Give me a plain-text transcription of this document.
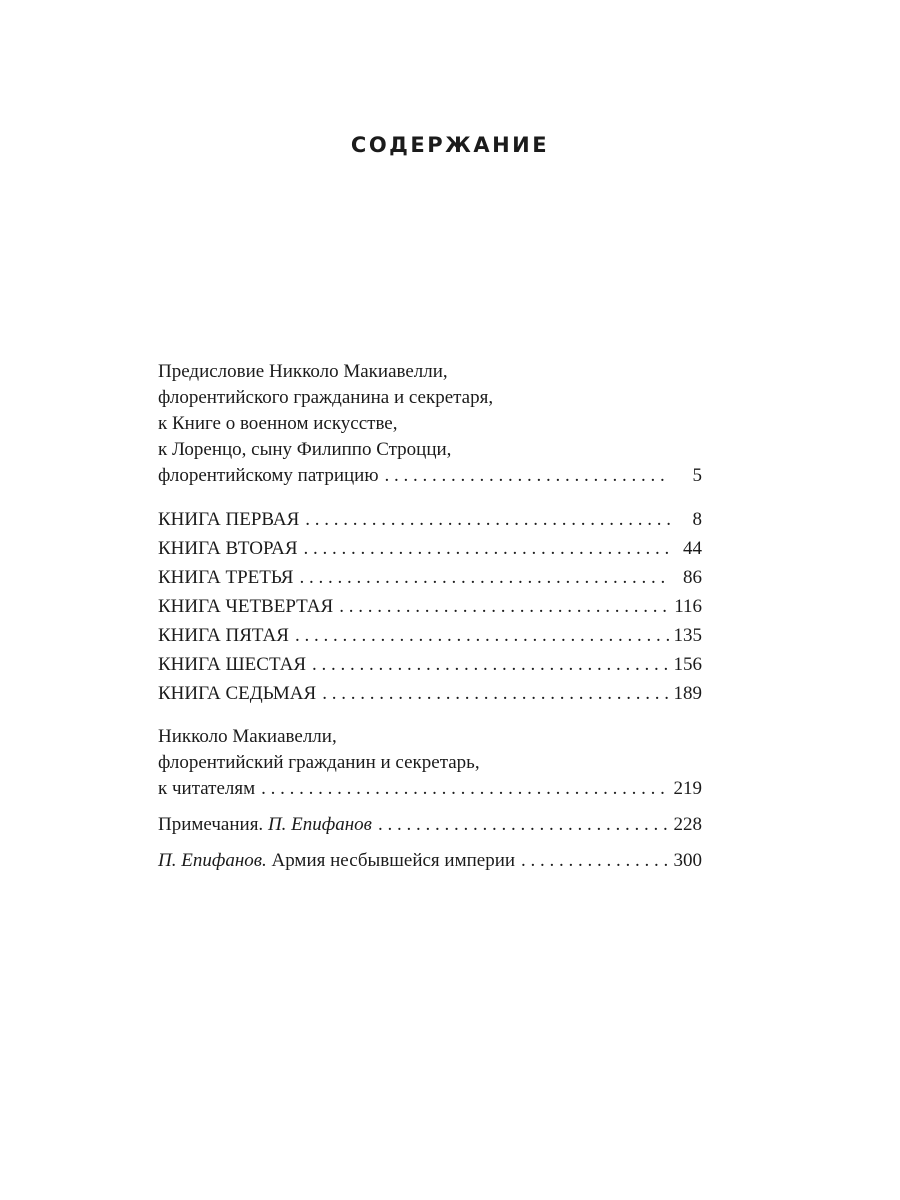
СОДЕРЖАНИЕ
Предисловие Никколо Макиавелли,
флорентийского гражданина и секретаря,
к Книге о военном искусстве,
к Лоренцо, сыну Филиппо Строцци,
флорентийскому патрицию . . .	5
КНИГА ПЕРВАЯ . . .	8
КНИГА ВТОРАЯ . . .	44
КНИГА ТРЕТЬЯ . . .	86
КНИГА ЧЕТВЕРТАЯ . . .	116
КНИГА ПЯТАЯ . . .	135
КНИГА ШЕСТАЯ . . .	156
КНИГА СЕДЬМАЯ . . .	189
Никколо Макиавелли,
флорентийский гражданин и секретарь,
к читателям . . .	219
Примечания. П. Епифанов . . .	228
П. Епифанов. Армия несбывшейся империи . . .	300
